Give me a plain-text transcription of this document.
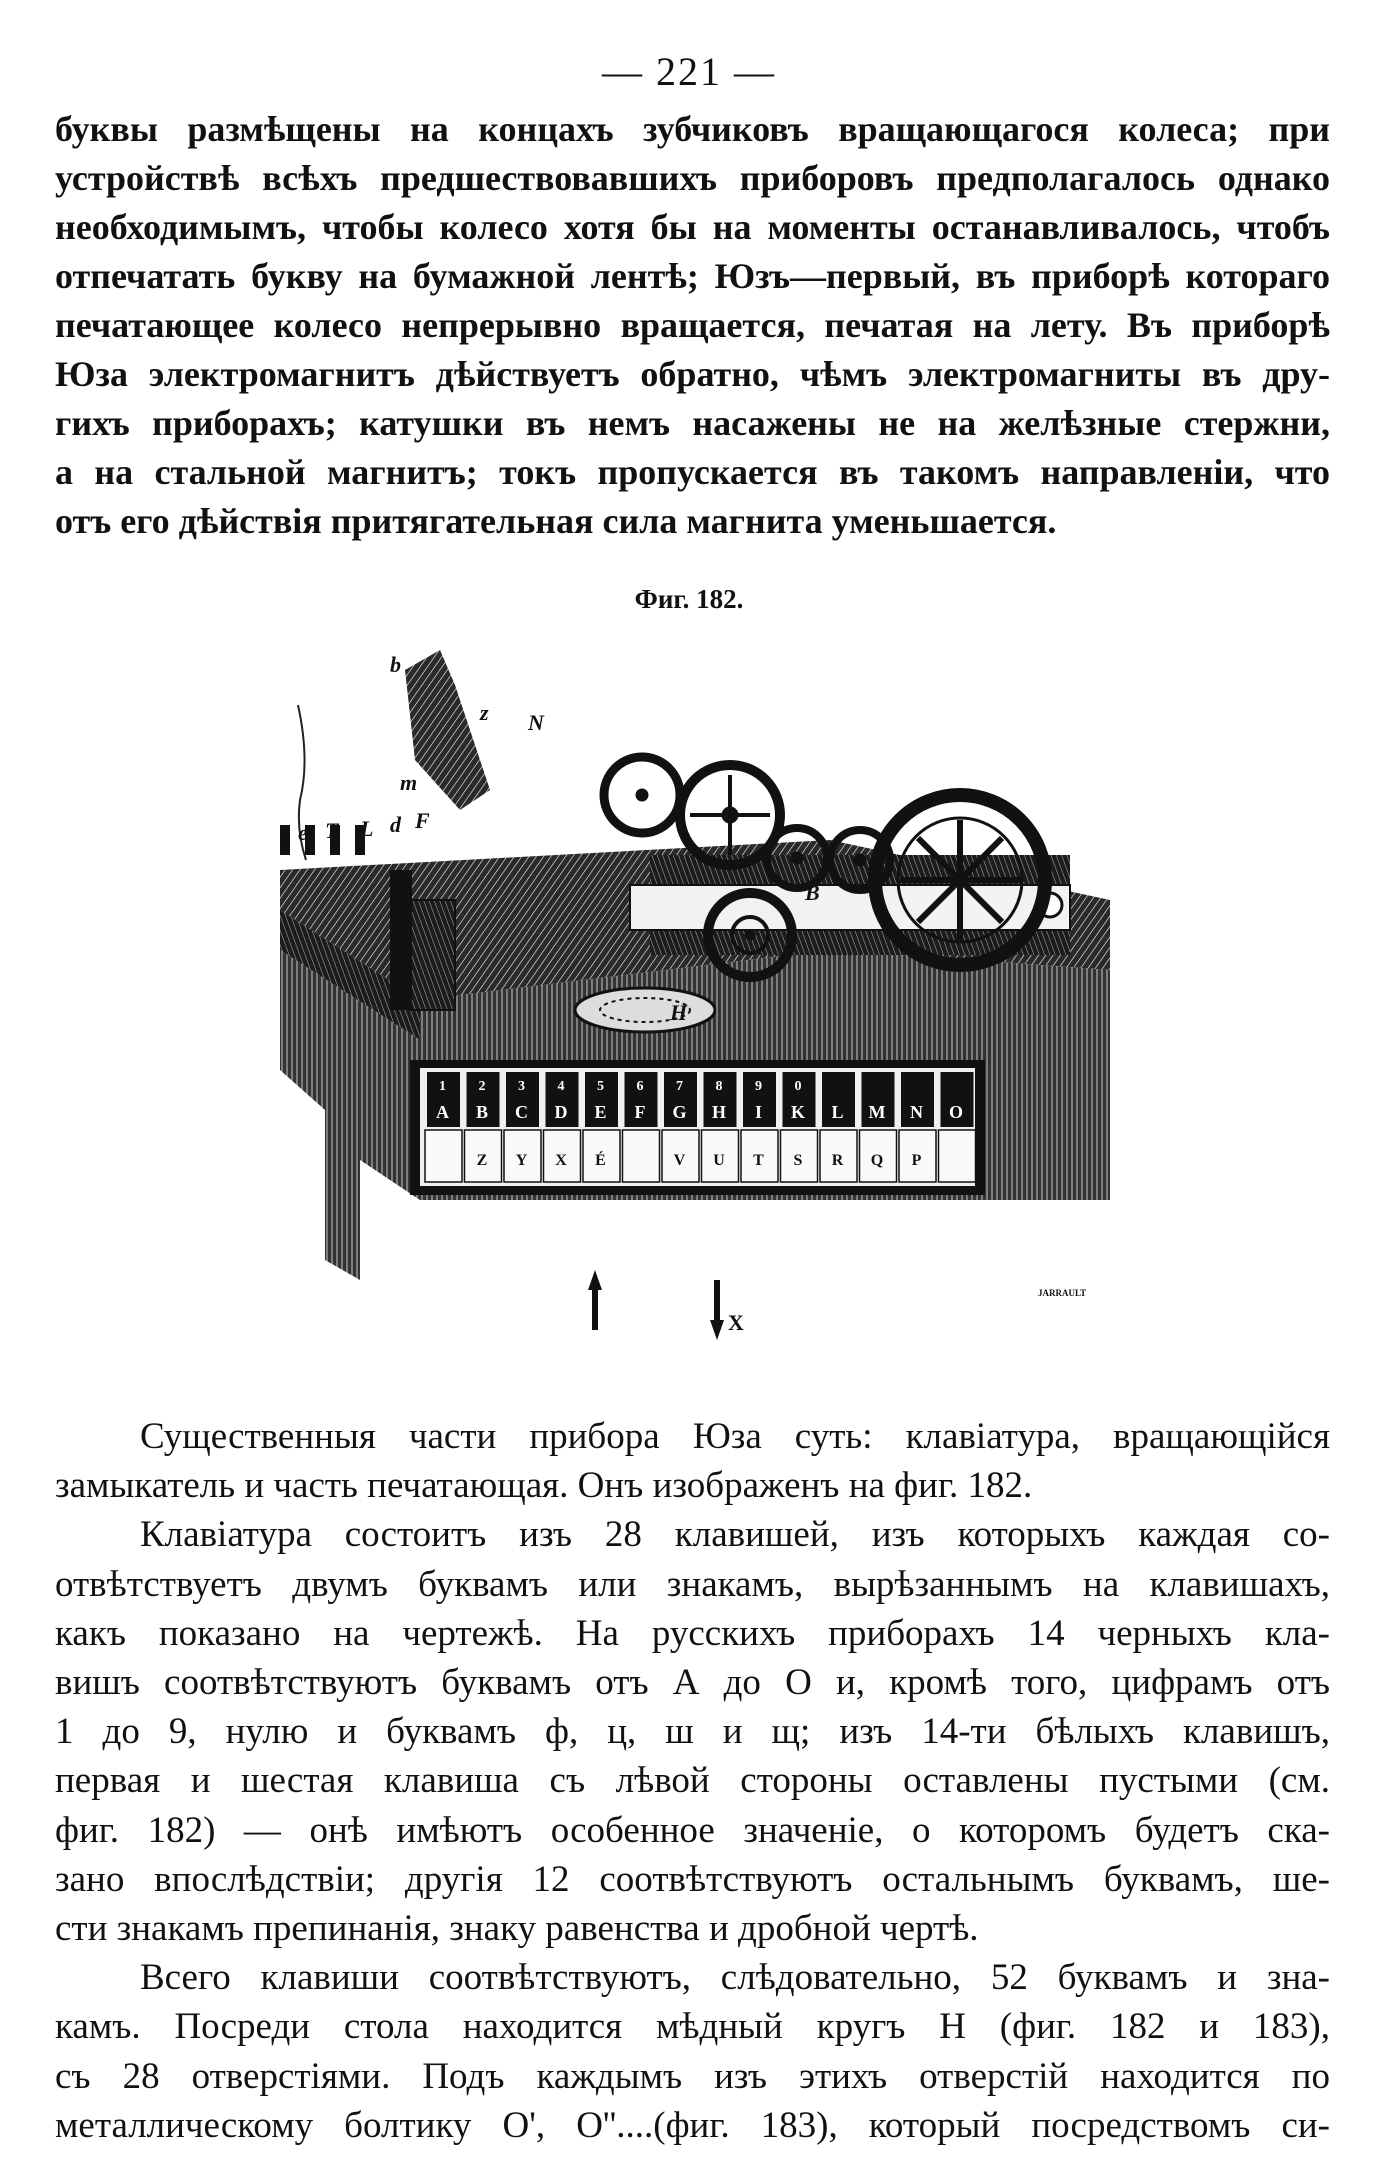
— 221 —
буквы размѣщены на концахъ зубчиковъ вращающагося колеса; при
устройствѣ всѣхъ предшествовавшихъ приборовъ предполагалось однако
необходимымъ, чтобы колесо хотя бы на моменты останавливалось, чтобъ
отпечатать букву на бумажной лентѣ; Юзъ—первый, въ приборѣ котораго
печатающее колесо непрерывно вращается, печатая на лету. Въ приборѣ
Юза электромагнитъ дѣйствуетъ обратно, чѣмъ электромагниты въ дру-
гихъ приборахъ; катушки въ немъ насажены не на желѣзные стержни,
а на стальной магнитъ; токъ пропускается въ такомъ направленіи, что
отъ его дѣйствія притягательная сила магнита уменьшается.
Фиг. 182.
1
A
2
B
Z
3
C
Y
4
D
X
5
E
É
6
F
7
G
V
8
H
U
9
I
T
0
K
S
L
R
M
Q
N
P
O
b
z N
m
e T L d F
B
H
X
JARRAULT
Существенныя части прибора Юза суть: клавіатура, вращающійся
замыкатель и часть печатающая. Онъ изображенъ на фиг. 182.
Клавіатура состоитъ изъ 28 клавишей, изъ которыхъ каждая со-
отвѣтствуетъ двумъ буквамъ или знакамъ, вырѣзаннымъ на клавишахъ,
какъ показано на чертежѣ. На русскихъ приборахъ 14 черныхъ кла-
вишъ соотвѣтствуютъ буквамъ отъ А до О и, кромѣ того, цифрамъ отъ
1 до 9, нулю и буквамъ ф, ц, ш и щ; изъ 14-ти бѣлыхъ клавишъ,
первая и шестая клавиша съ лѣвой стороны оставлены пустыми (см.
фиг. 182) — онѣ имѣютъ особенное значеніе, о которомъ будетъ ска-
зано впослѣдствіи; другія 12 соотвѣтствуютъ остальнымъ буквамъ, ше-
сти знакамъ препинанія, знаку равенства и дробной чертѣ.
Всего клавиши соотвѣтствуютъ, слѣдовательно, 52 буквамъ и зна-
камъ. Посреди стола находится мѣдный кругъ H (фиг. 182 и 183),
съ 28 отверстіями. Подъ каждымъ изъ этихъ отверстій находится по
металлическому болтику O', O''....(фиг. 183), который посредствомъ си-
